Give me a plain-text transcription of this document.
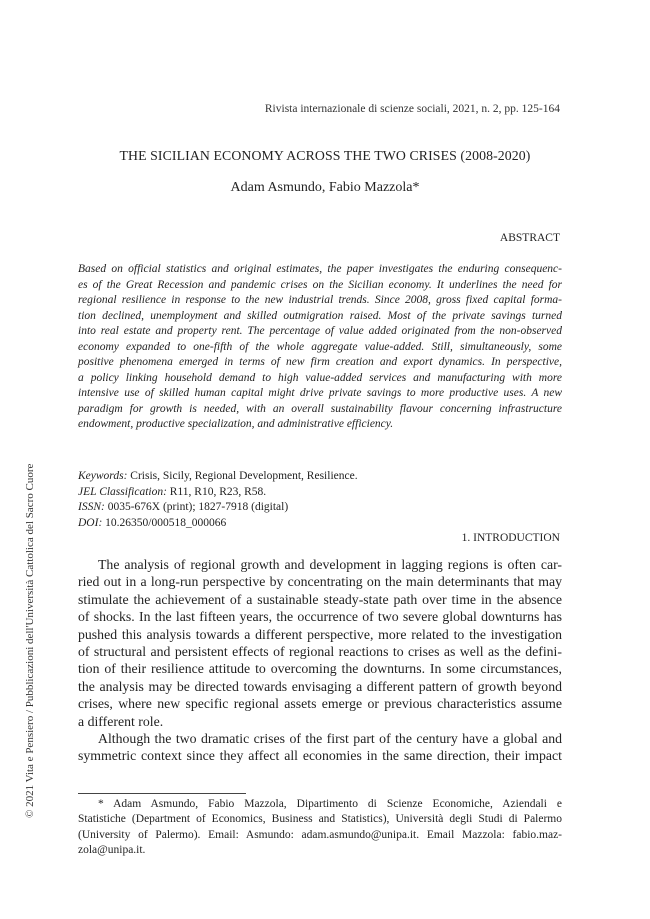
Rivista internazionale di scienze sociali, 2021, n. 2, pp. 125-164
THE SICILIAN ECONOMY ACROSS THE TWO CRISES (2008-2020)
Adam Asmundo, Fabio Mazzola*
ABSTRACT
Based on official statistics and original estimates, the paper investigates the enduring consequenc-
es of the Great Recession and pandemic crises on the Sicilian economy. It underlines the need for
regional resilience in response to the new industrial trends. Since 2008, gross fixed capital forma-
tion declined, unemployment and skilled outmigration raised. Most of the private savings turned
into real estate and property rent. The percentage of value added originated from the non-observed
economy expanded to one-fifth of the whole aggregate value-added. Still, simultaneously, some
positive phenomena emerged in terms of new firm creation and export dynamics. In perspective,
a policy linking household demand to high value-added services and manufacturing with more
intensive use of skilled human capital might drive private savings to more productive uses. A new
paradigm for growth is needed, with an overall sustainability flavour concerning infrastructure
endowment, productive specialization, and administrative efficiency.
Keywords: Crisis, Sicily, Regional Development, Resilience.
JEL Classification: R11, R10, R23, R58.
ISSN: 0035-676X (print); 1827-7918 (digital)
DOI: 10.26350/000518_000066
© 2021 Vita e Pensiero / Pubblicazioni dell'Università Cattolica del Sacro Cuore	1. INTRODUCTION
The analysis of regional growth and development in lagging regions is often car-
ried out in a long-run perspective by concentrating on the main determinants that may
stimulate the achievement of a sustainable steady-state path over time in the absence
of shocks. In the last fifteen years, the occurrence of two severe global downturns has
pushed this analysis towards a different perspective, more related to the investigation
of structural and persistent effects of regional reactions to crises as well as the defini-
tion of their resilience attitude to overcoming the downturns. In some circumstances,
the analysis may be directed towards envisaging a different pattern of growth beyond
crises, where new specific regional assets emerge or previous characteristics assume
a different role.
Although the two dramatic crises of the first part of the century have a global and
symmetric context since they affect all economies in the same direction, their impact
* Adam Asmundo, Fabio Mazzola, Dipartimento di Scienze Economiche, Aziendali e
Statistiche (Department of Economics, Business and Statistics), Università degli Studi di Palermo
(University of Palermo). Email: Asmundo: adam.asmundo@unipa.it. Email Mazzola: fabio.maz-
zola@unipa.it.
